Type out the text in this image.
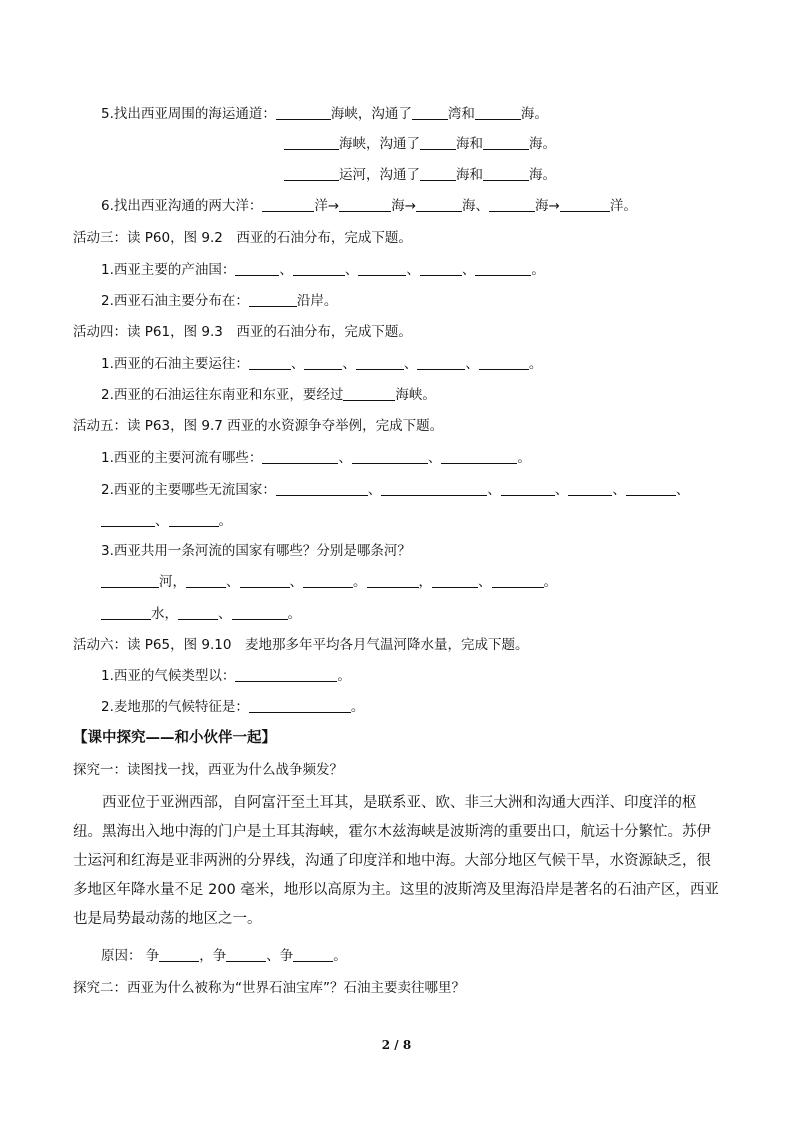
5.找出西亚周围的海运通道：	海峡，沟通了	湾和	海。
海峡，沟通了	海和	海。
运河，沟通了	海和	海。
6.找出西亚沟通的两大洋：	洋→	海→	海、	海→	洋。
活动三：读 P60，图 9.2　西亚的石油分布，完成下题。
1.西亚主要的产油国：	、	、	、	、	。
2.西亚石油主要分布在：	沿岸。
活动四：读 P61，图 9.3　西亚的石油分布，完成下题。
1.西亚的石油主要运往：	、	、	、	、	。
2.西亚的石油运往东南亚和东亚，要经过	海峡。
活动五：读 P63，图 9.7 西亚的水资源争夺举例，完成下题。
1.西亚的主要河流有哪些：	、	、	。
2.西亚的主要哪些无流国家：	、	、	、	、	、
、	。
3.西亚共用一条河流的国家有哪些？分别是哪条河？
河，	、	、	。	，	、	。
水，	、	。
活动六：读 P65，图 9.10　麦地那多年平均各月气温河降水量，完成下题。
1.西亚的气候类型以：	。
2.麦地那的气候特征是：	。
【课中探究——和小伙伴一起】
探究一：读图找一找，西亚为什么战争频发？
西亚位于亚洲西部，自阿富汗至土耳其，是联系亚、欧、非三大洲和沟通大西洋、印度洋的枢纽。黑海出入地中海的门户是土耳其海峡，霍尔木兹海峡是波斯湾的重要出口，航运十分繁忙。苏伊士运河和红海是亚非两洲的分界线，沟通了印度洋和地中海。大部分地区气候干旱，水资源缺乏，很多地区年降水量不足 200 毫米，地形以高原为主。这里的波斯湾及里海沿岸是著名的石油产区，西亚也是局势最动荡的地区之一。
原因： 争	，争	、争	。
探究二：西亚为什么被称为“世界石油宝库”？石油主要卖往哪里？
2 / 8
